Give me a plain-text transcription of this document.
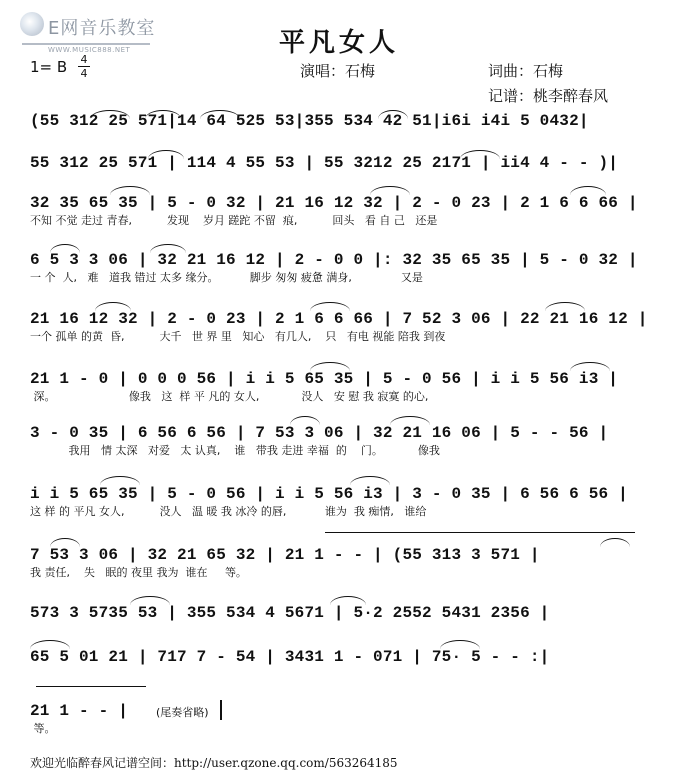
E网音乐教室
WWW.MUSIC888.NET	平凡女人
1= B 4
4	演唱：石梅	词曲：石梅
记谱：桃李醉春风
(55 312 25 571|14 64 525 53|355 534 42 51|i6i i4i 5 0432|
55 312 25 571 | 114 4 55 53 | 55 3212 25 2171 | ii4 4 - - )|
32 35 65 35 | 5 - 0 32 | 21 16 12 32 | 2 - 0 23 | 2 1 6 6 66 |
不知 不觉 走过 青春,          发现    岁月 蹉跎 不留  痕,          回头   看 自 己   还是
6 5 3 3 06 | 32 21 16 12 | 2 - 0 0 |: 32 35 65 35 | 5 - 0 32 |
一 个  人,   难   道我 错过 太多 缘分。         脚步 匆匆 疲惫 满身,              又是
21 16 12 32 | 2 - 0 23 | 2 1 6 6 66 | 7 52 3 06 | 22 21 16 12 |
一个 孤单 的黄  昏,          大千   世 界 里   知心   有几人,    只   有电 视能 陪我 到夜
21 1 - 0 | 0 0 0 56 | i i 5 65 35 | 5 - 0 56 | i i 5 56 i3 |
深。                     像我   这  样 平 凡的 女人,            没人   安 慰 我 寂寞 的心,
3 - 0 35 | 6 56 6 56 | 7 53 3 06 | 32 21 16 06 | 5 - - 56 |
我用   情 太深   对爱   太 认真,    谁   带我 走进 幸福  的    门。          像我
i i 5 65 35 | 5 - 0 56 | i i 5 56 i3 | 3 - 0 35 | 6 56 6 56 |
这 样 的 平凡 女人,          没人   温 暖 我 冰冷 的唇,           谁为  我 痴情,   谁给
7 53 3 06 | 32 21 65 32 | 21 1 - - | (55 313 3 571 |
我 责任,    失   眠的 夜里 我为  谁在     等。
573 3 5735 53 | 355 534 4 5671 | 5·2 2552 5431 2356 |
65 5 01 21 | 717 7 - 54 | 3431 1 - 071 | 75· 5 - - :|
21 1 - - |	(尾奏省略)
等。
欢迎光临醉春风记谱空间：http://user.qzone.qq.com/563264185
